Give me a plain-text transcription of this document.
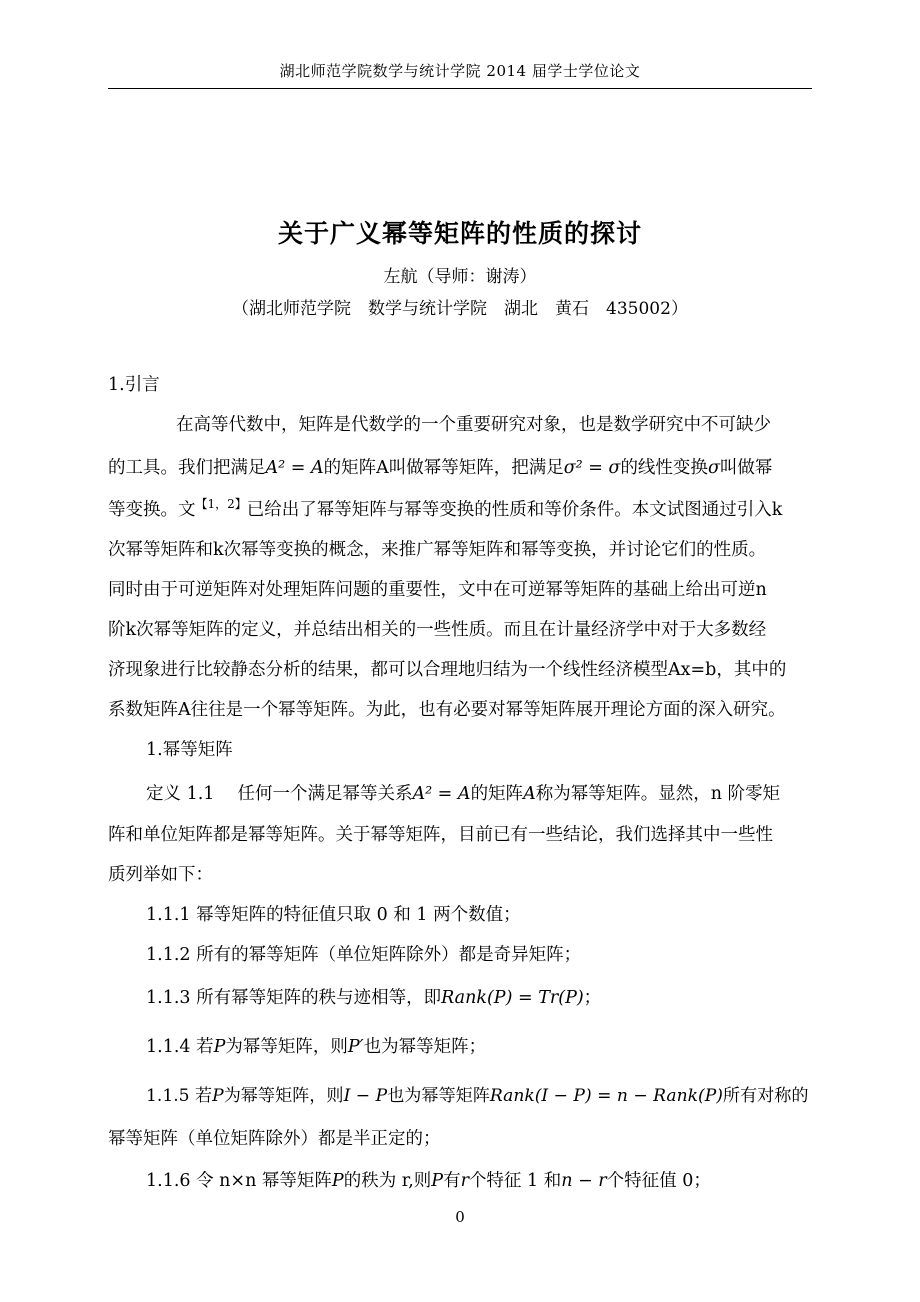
湖北师范学院数学与统计学院 2014 届学士学位论文
关于广义幂等矩阵的性质的探讨
左航（导师：谢涛）
（湖北师范学院　数学与统计学院　湖北　黄石　435002）
1.引言
在高等代数中，矩阵是代数学的一个重要研究对象，也是数学研究中不可缺少
的工具。我们把满足A² = A的矩阵A叫做幂等矩阵，把满足σ² = σ的线性变换σ叫做幂
等变换。文$^{【1,2】}$已给出了幂等矩阵与幂等变换的性质和等价条件。本文试图通过引入k
次幂等矩阵和k次幂等变换的概念，来推广幂等矩阵和幂等变换，并讨论它们的性质。
同时由于可逆矩阵对处理矩阵问题的重要性，文中在可逆幂等矩阵的基础上给出可逆n
阶k次幂等矩阵的定义，并总结出相关的一些性质。而且在计量经济学中对于大多数经
济现象进行比较静态分析的结果，都可以合理地归结为一个线性经济模型Ax=b，其中的
系数矩阵A往往是一个幂等矩阵。为此，也有必要对幂等矩阵展开理论方面的深入研究。
1.幂等矩阵
定义 1.1　 任何一个满足幂等关系A² = A的矩阵A称为幂等矩阵。显然，n 阶零矩
阵和单位矩阵都是幂等矩阵。关于幂等矩阵，目前已有一些结论，我们选择其中一些性
质列举如下：
1.1.1 幂等矩阵的特征值只取 0 和 1 两个数值；
1.1.2 所有的幂等矩阵（单位矩阵除外）都是奇异矩阵；
1.1.3 所有幂等矩阵的秩与迹相等，即Rank(P) = Tr(P)；
1.1.4 若P为幂等矩阵，则P′也为幂等矩阵；
1.1.5 若P为幂等矩阵，则I − P也为幂等矩阵Rank(I − P) = n − Rank(P)所有对称的
幂等矩阵（单位矩阵除外）都是半正定的；
1.1.6 令 n×n 幂等矩阵P的秩为 r,则P有r个特征 1 和n − r个特征值 0；
0
